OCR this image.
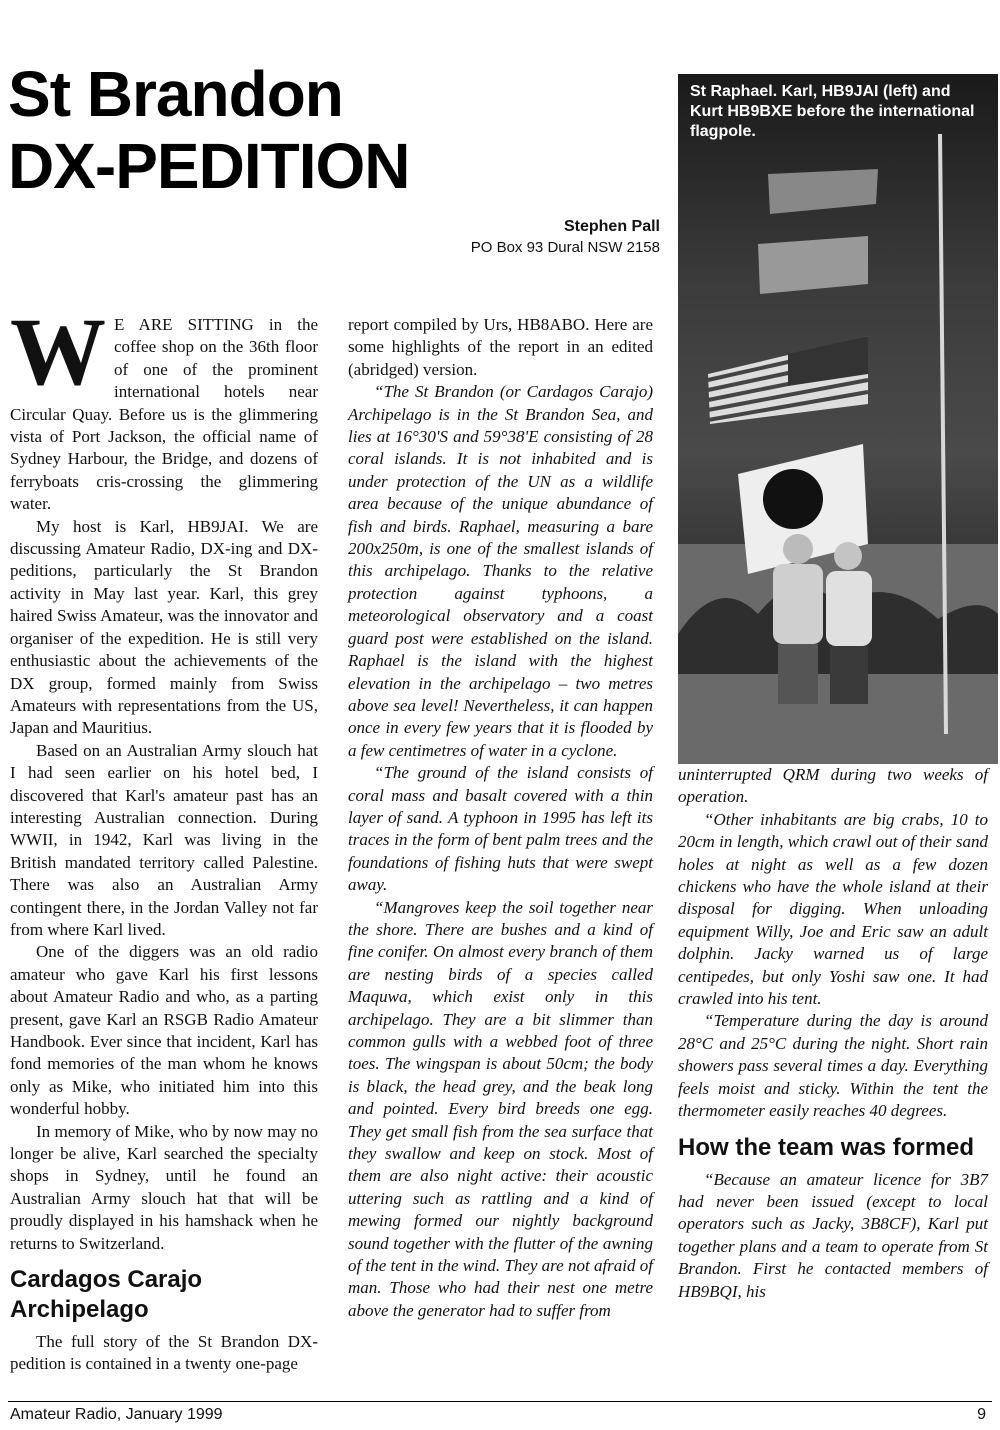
St Brandon
DX-PEDITION
Stephen Pall
PO Box 93 Dural NSW 2158
St Raphael. Karl, HB9JAI (left) and Kurt HB9BXE before the international flagpole.

W E ARE SITTING in the coffee shop on the 36th floor of one of the prominent international hotels near Circular Quay. Before us is the glimmering vista of Port Jackson, the official name of Sydney Harbour, the Bridge, and dozens of ferryboats cris-crossing the glimmering water.

My host is Karl, HB9JAI. We are discussing Amateur Radio, DX-ing and DX-peditions, particularly the St Brandon activity in May last year. Karl, this grey haired Swiss Amateur, was the innovator and organiser of the expedition. He is still very enthusiastic about the achievements of the DX group, formed mainly from Swiss Amateurs with representations from the US, Japan and Mauritius.

Based on an Australian Army slouch hat I had seen earlier on his hotel bed, I discovered that Karl's amateur past has an interesting Australian connection. During WWII, in 1942, Karl was living in the British mandated territory called Palestine. There was also an Australian Army contingent there, in the Jordan Valley not far from where Karl lived.

One of the diggers was an old radio amateur who gave Karl his first lessons about Amateur Radio and who, as a parting present, gave Karl an RSGB Radio Amateur Handbook. Ever since that incident, Karl has fond memories of the man whom he knows only as Mike, who initiated him into this wonderful hobby.

In memory of Mike, who by now may no longer be alive, Karl searched the specialty shops in Sydney, until he found an Australian Army slouch hat that will be proudly displayed in his hamshack when he returns to Switzerland.

Cardagos Carajo Archipelago

The full story of the St Brandon DX-pedition is contained in a twenty one-page

report compiled by Urs, HB8ABO. Here are some highlights of the report in an edited (abridged) version.

“The St Brandon (or Cardagos Carajo) Archipelago is in the St Brandon Sea, and lies at 16°30'S and 59°38'E consisting of 28 coral islands. It is not inhabited and is under protection of the UN as a wildlife area because of the unique abundance of fish and birds. Raphael, measuring a bare 200x250m, is one of the smallest islands of this archipelago. Thanks to the relative protection against typhoons, a meteorological observatory and a coast guard post were established on the island. Raphael is the island with the highest elevation in the archipelago – two metres above sea level! Nevertheless, it can happen once in every few years that it is flooded by a few centimetres of water in a cyclone.

“The ground of the island consists of coral mass and basalt covered with a thin layer of sand. A typhoon in 1995 has left its traces in the form of bent palm trees and the foundations of fishing huts that were swept away.

“Mangroves keep the soil together near the shore. There are bushes and a kind of fine conifer. On almost every branch of them are nesting birds of a species called Maquwa, which exist only in this archipelago. They are a bit slimmer than common gulls with a webbed foot of three toes. The wingspan is about 50cm; the body is black, the head grey, and the beak long and pointed. Every bird breeds one egg. They get small fish from the sea surface that they swallow and keep on stock. Most of them are also night active: their acoustic uttering such as rattling and a kind of mewing formed our nightly background sound together with the flutter of the awning of the tent in the wind. They are not afraid of man. Those who had their nest one metre above the generator had to suffer from

uninterrupted QRM during two weeks of operation.

“Other inhabitants are big crabs, 10 to 20cm in length, which crawl out of their sand holes at night as well as a few dozen chickens who have the whole island at their disposal for digging. When unloading equipment Willy, Joe and Eric saw an adult dolphin. Jacky warned us of large centipedes, but only Yoshi saw one. It had crawled into his tent.

“Temperature during the day is around 28°C and 25°C during the night. Short rain showers pass several times a day. Everything feels moist and sticky. Within the tent the thermometer easily reaches 40 degrees.

How the team was formed

“Because an amateur licence for 3B7 had never been issued (except to local operators such as Jacky, 3B8CF), Karl put together plans and a team to operate from St Brandon. First he contacted members of HB9BQI, his

Amateur Radio, January 1999	9
